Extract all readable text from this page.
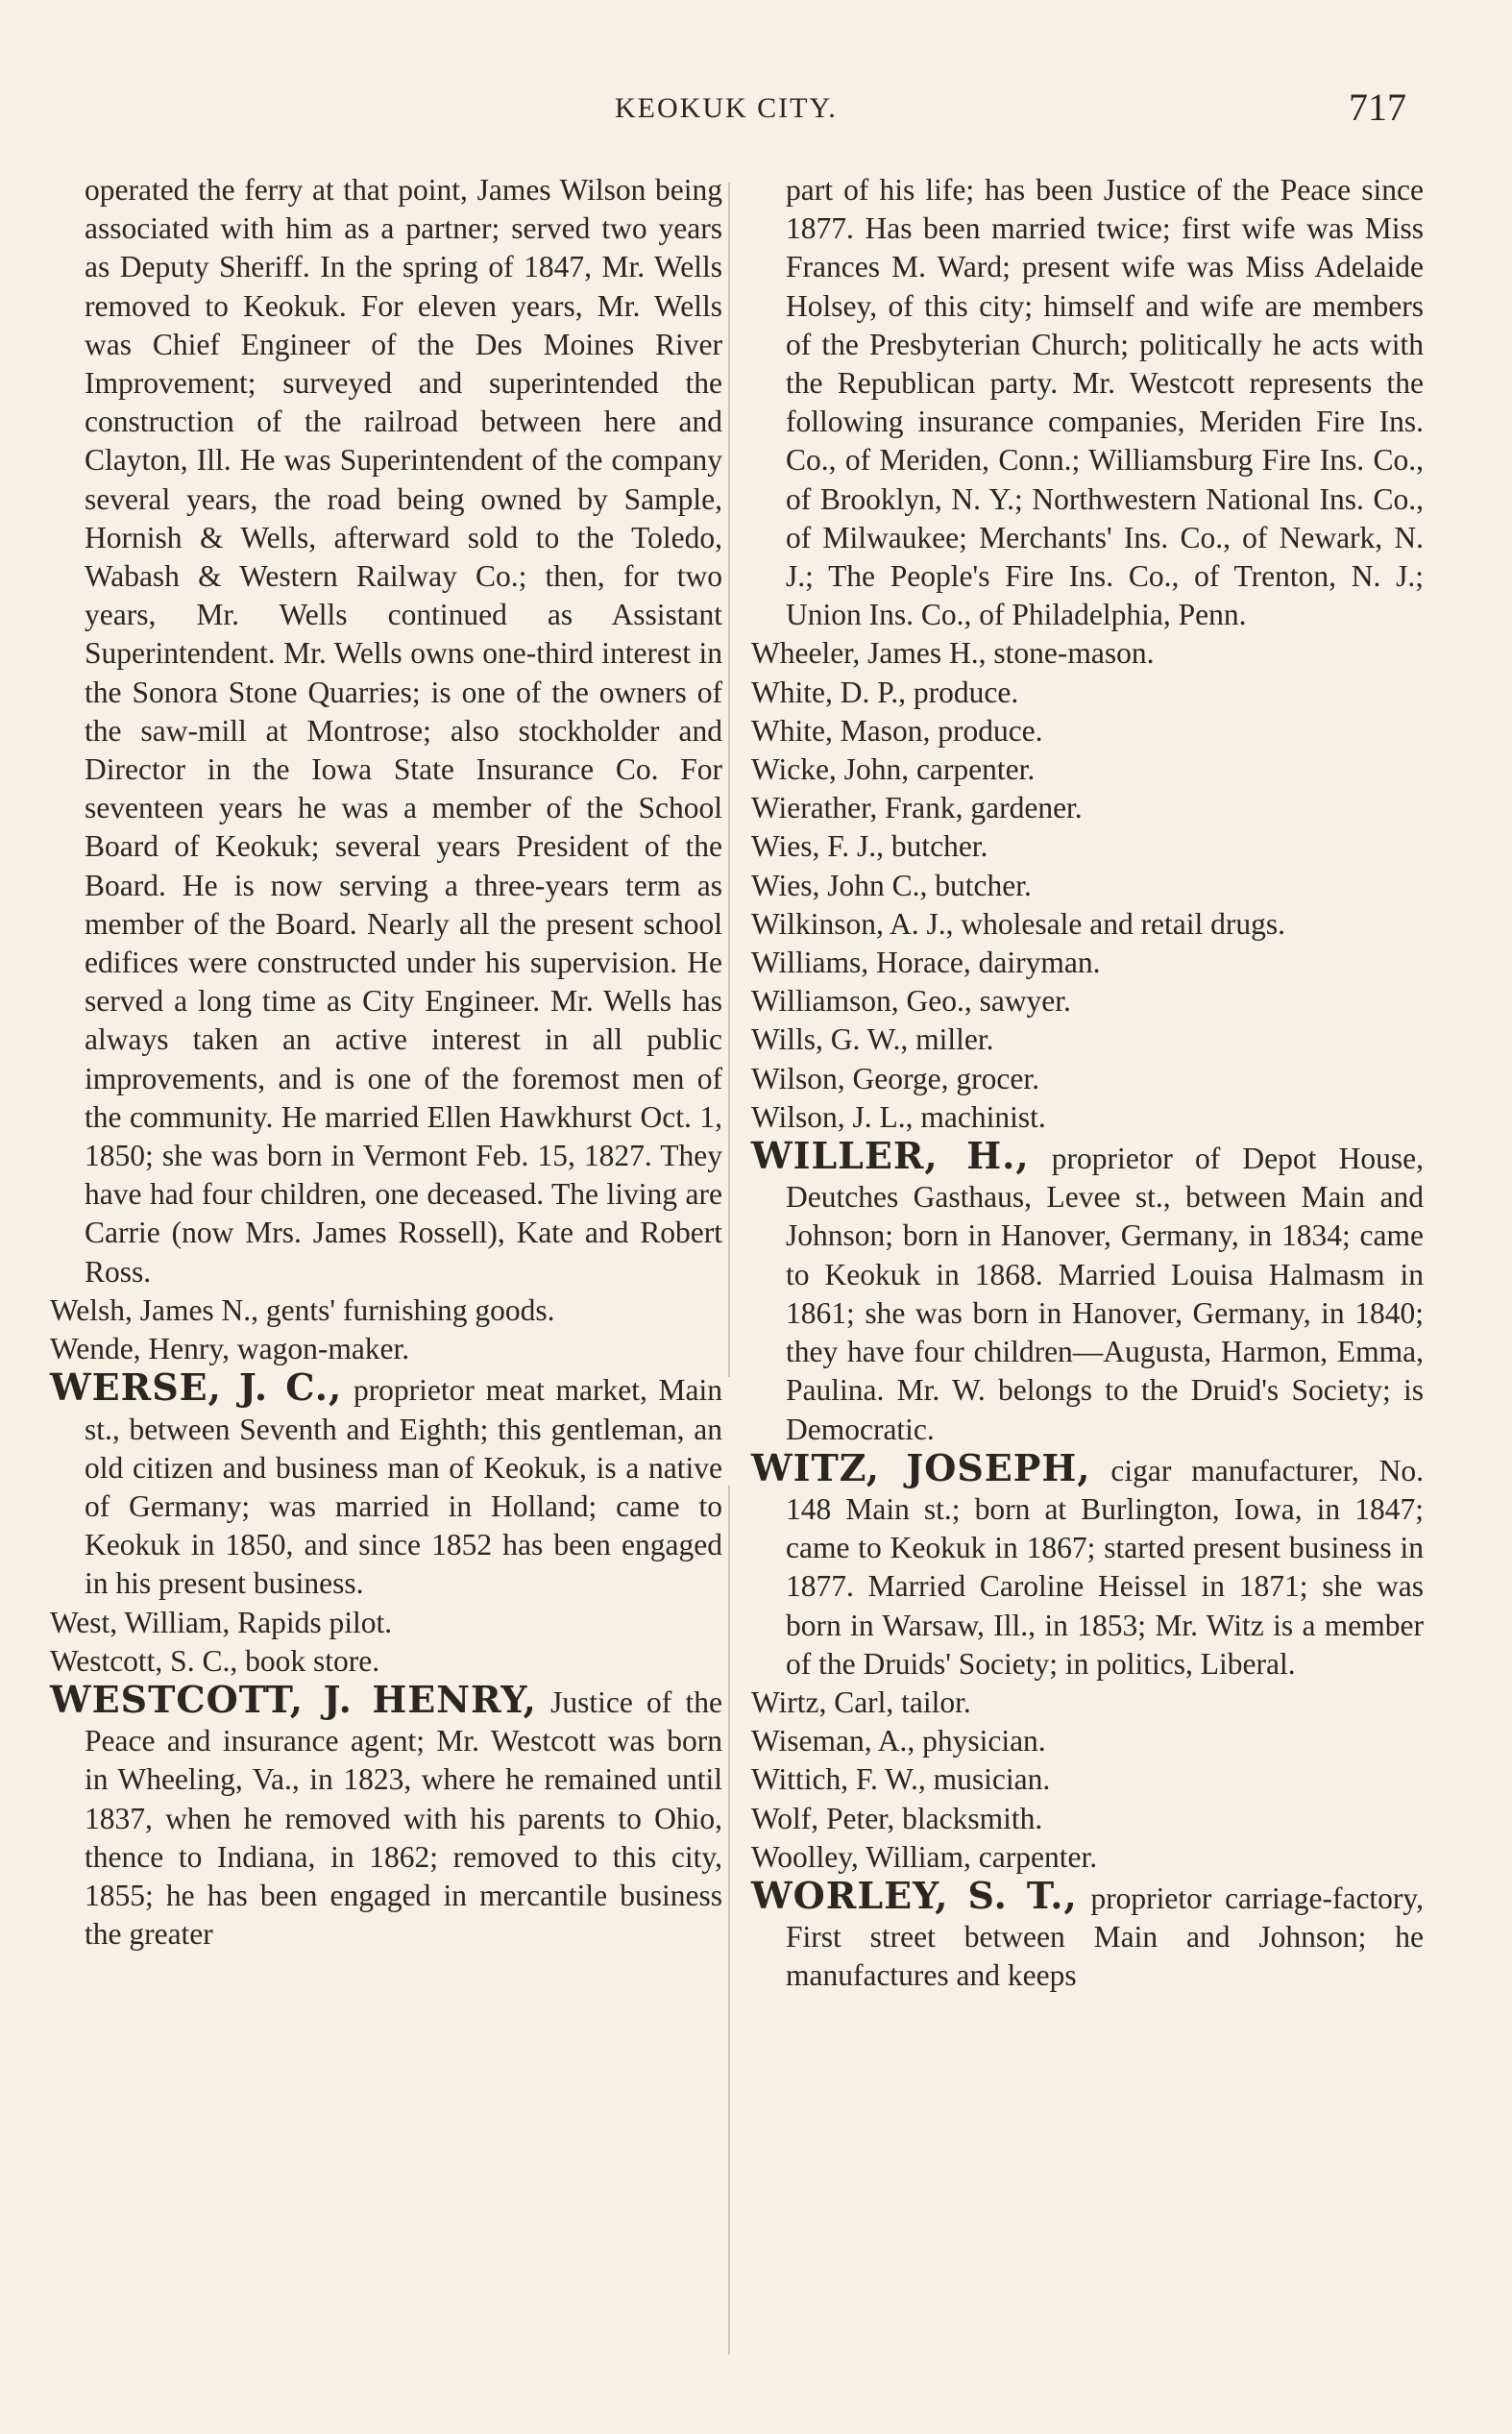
KEOKUK CITY.	717

operated the ferry at that point, James Wilson being associated with him as a partner; served two years as Deputy Sheriff. In the spring of 1847, Mr. Wells removed to Keokuk. For eleven years, Mr. Wells was Chief Engineer of the Des Moines River Improvement; surveyed and superintended the construction of the railroad between here and Clayton, Ill. He was Superintendent of the company several years, the road being owned by Sample, Hornish & Wells, afterward sold to the Toledo, Wabash & Western Railway Co.; then, for two years, Mr. Wells continued as Assistant Superintendent. Mr. Wells owns one-third interest in the Sonora Stone Quarries; is one of the owners of the saw-mill at Montrose; also stockholder and Director in the Iowa State Insurance Co. For seventeen years he was a member of the School Board of Keokuk; several years President of the Board. He is now serving a three-years term as member of the Board. Nearly all the present school edifices were constructed under his supervision. He served a long time as City Engineer. Mr. Wells has always taken an active interest in all public improvements, and is one of the foremost men of the community. He married Ellen Hawkhurst Oct. 1, 1850; she was born in Vermont Feb. 15, 1827. They have had four children, one deceased. The living are Carrie (now Mrs. James Rossell), Kate and Robert Ross.

Welsh, James N., gents' furnishing goods.

Wende, Henry, wagon-maker.

WERSE, J. C., proprietor meat market, Main st., between Seventh and Eighth; this gentleman, an old citizen and business man of Keokuk, is a native of Germany; was married in Holland; came to Keokuk in 1850, and since 1852 has been engaged in his present business.

West, William, Rapids pilot.

Westcott, S. C., book store.

WESTCOTT, J. HENRY, Justice of the Peace and insurance agent; Mr. Westcott was born in Wheeling, Va., in 1823, where he remained until 1837, when he removed with his parents to Ohio, thence to Indiana, in 1862; removed to this city, 1855; he has been engaged in mercantile business the greater

part of his life; has been Justice of the Peace since 1877. Has been married twice; first wife was Miss Frances M. Ward; present wife was Miss Adelaide Holsey, of this city; himself and wife are members of the Presbyterian Church; politically he acts with the Republican party. Mr. Westcott represents the following insurance companies, Meriden Fire Ins. Co., of Meriden, Conn.; Williamsburg Fire Ins. Co., of Brooklyn, N. Y.; Northwestern National Ins. Co., of Milwaukee; Merchants' Ins. Co., of Newark, N. J.; The People's Fire Ins. Co., of Trenton, N. J.; Union Ins. Co., of Philadelphia, Penn.

Wheeler, James H., stone-mason.

White, D. P., produce.

White, Mason, produce.

Wicke, John, carpenter.

Wierather, Frank, gardener.

Wies, F. J., butcher.

Wies, John C., butcher.

Wilkinson, A. J., wholesale and retail drugs.

Williams, Horace, dairyman.

Williamson, Geo., sawyer.

Wills, G. W., miller.

Wilson, George, grocer.

Wilson, J. L., machinist.

WILLER, H., proprietor of Depot House, Deutches Gasthaus, Levee st., between Main and Johnson; born in Hanover, Germany, in 1834; came to Keokuk in 1868. Married Louisa Halmasm in 1861; she was born in Hanover, Germany, in 1840; they have four children—Augusta, Harmon, Emma, Paulina. Mr. W. belongs to the Druid's Society; is Democratic.

WITZ, JOSEPH, cigar manufacturer, No. 148 Main st.; born at Burlington, Iowa, in 1847; came to Keokuk in 1867; started present business in 1877. Married Caroline Heissel in 1871; she was born in Warsaw, Ill., in 1853; Mr. Witz is a member of the Druids' Society; in politics, Liberal.

Wirtz, Carl, tailor.

Wiseman, A., physician.

Wittich, F. W., musician.

Wolf, Peter, blacksmith.

Woolley, William, carpenter.

WORLEY, S. T., proprietor carriage-factory, First street between Main and Johnson; he manufactures and keeps
